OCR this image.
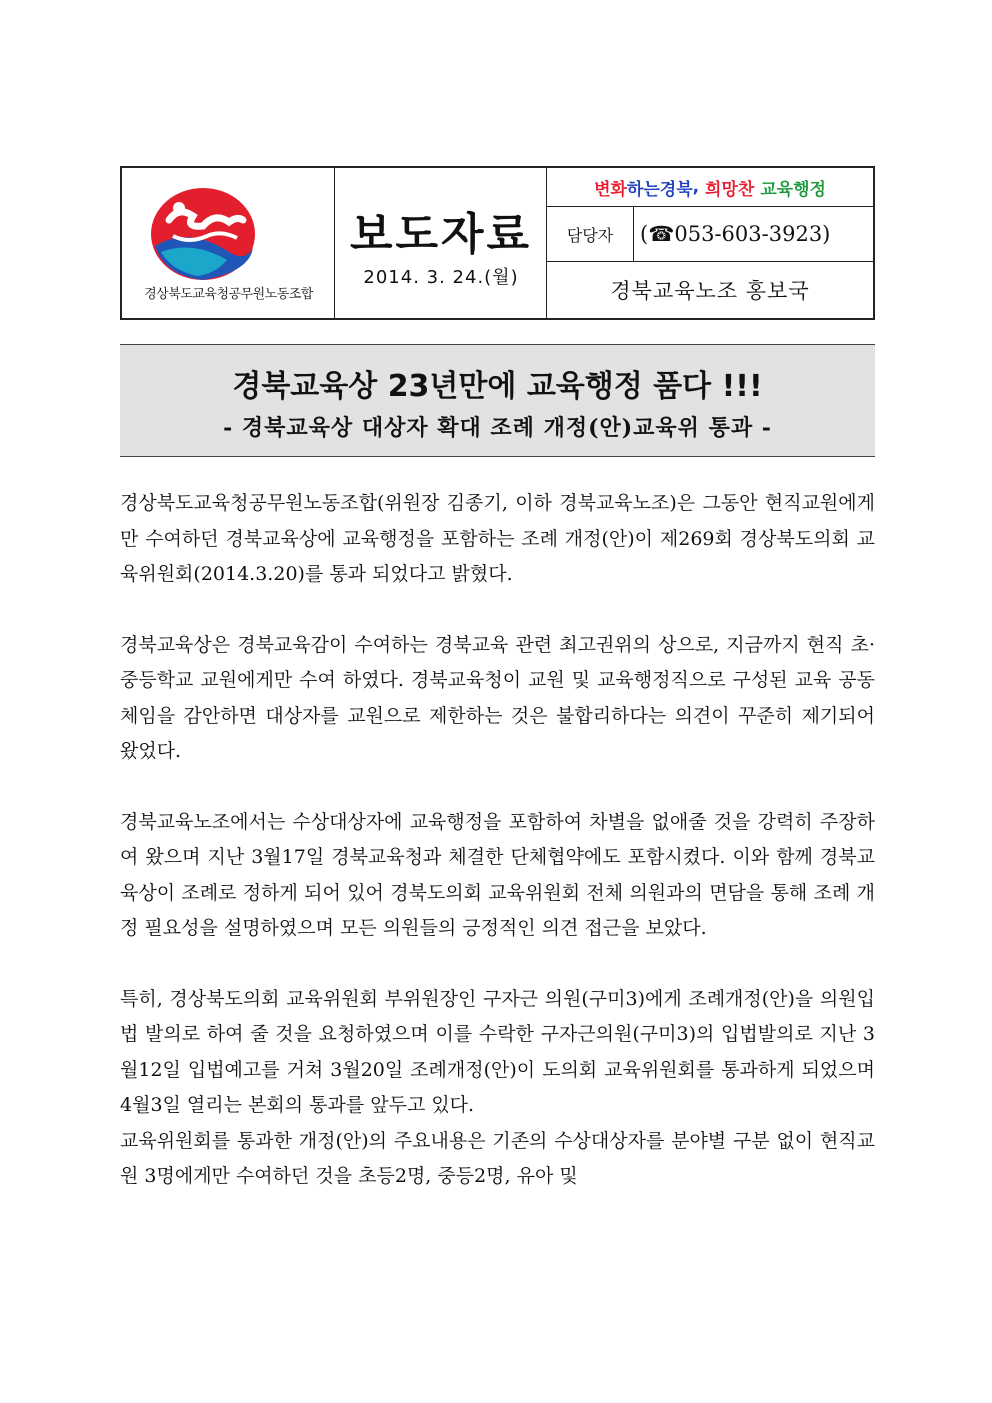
경상북도교육청공무원노동조합
보도자료
2014. 3. 24.(월)
변화 하는 경북 , 희망찬
교육행정
담당자	( ☎ 053-603-3923)
경북교육노조 홍보국
경북교육상 23년만에 교육행정 품다 !!!
- 경북교육상 대상자 확대 조례 개정(안)교육위 통과 -

경상북도교육청공무원노동조합(위원장 김종기, 이하 경북교육노조)은 그동안 현직교원에게만 수여하던 경북교육상에 교육행정을 포함하는 조례 개정(안)이 제269회 경상북도의회 교육위원회(2014.3.20)를 통과 되었다고 밝혔다.

경북교육상은 경북교육감이 수여하는 경북교육 관련 최고권위의 상으로, 지금까지 현직 초·중등학교 교원에게만 수여 하였다. 경북교육청이 교원 및 교육행정직으로 구성된 교육 공동체임을 감안하면 대상자를 교원으로 제한하는 것은 불합리하다는 의견이 꾸준히 제기되어 왔었다.

경북교육노조에서는 수상대상자에 교육행정을 포함하여 차별을 없애줄 것을 강력히 주장하여 왔으며 지난 3월17일 경북교육청과 체결한 단체협약에도 포함시켰다. 이와 함께 경북교육상이 조례로 정하게 되어 있어 경북도의회 교육위원회 전체 의원과의 면담을 통해 조례 개정 필요성을 설명하였으며 모든 의원들의 긍정적인 의견 접근을 보았다.

특히, 경상북도의회 교육위원회 부위원장인 구자근 의원(구미3)에게 조례개정(안)을 의원입법 발의로 하여 줄 것을 요청하였으며 이를 수락한 구자근의원(구미3)의 입법발의로 지난 3월12일 입법예고를 거쳐 3월20일 조례개정(안)이 도의회 교육위원회를 통과하게 되었으며 4월3일 열리는 본회의 통과를 앞두고 있다.

교육위원회를 통과한 개정(안)의 주요내용은 기존의 수상대상자를 분야별 구분 없이 현직교원 3명에게만 수여하던 것을 초등2명, 중등2명, 유아 및
